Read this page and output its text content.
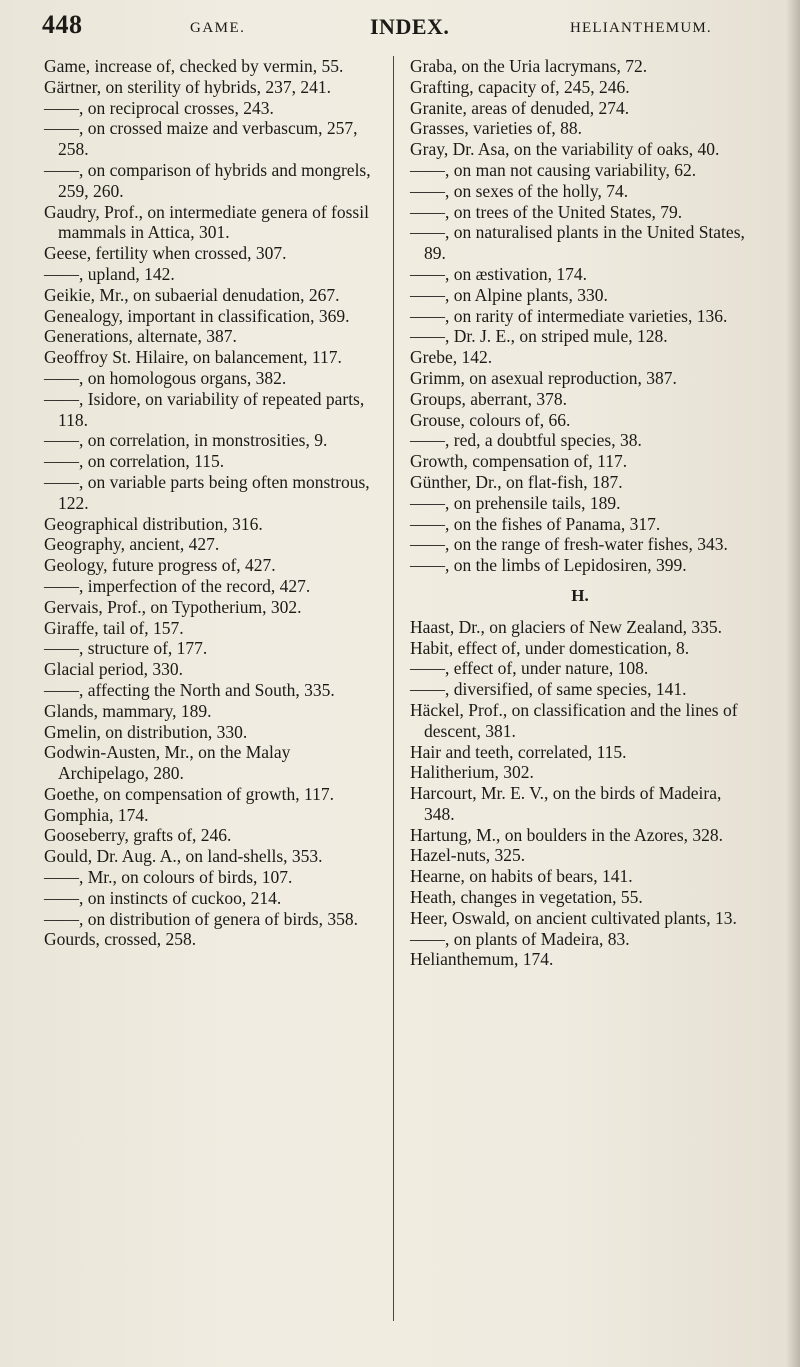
448	GAME.	INDEX.	HELIANTHEMUM.

Game, increase of, checked by vermin, 55.

Gärtner, on sterility of hybrids, 237, 241.

——, on reciprocal crosses, 243.

——, on crossed maize and verbascum, 257, 258.

——, on comparison of hybrids and mongrels, 259, 260.

Gaudry, Prof., on intermediate genera of fossil mammals in Attica, 301.

Geese, fertility when crossed, 307.

——, upland, 142.

Geikie, Mr., on subaerial denudation, 267.

Genealogy, important in classification, 369.

Generations, alternate, 387.

Geoffroy St. Hilaire, on balancement, 117.

——, on homologous organs, 382.

——, Isidore, on variability of repeated parts, 118.

——, on correlation, in monstrosities, 9.

——, on correlation, 115.

——, on variable parts being often monstrous, 122.

Geographical distribution, 316.

Geography, ancient, 427.

Geology, future progress of, 427.

——, imperfection of the record, 427.

Gervais, Prof., on Typotherium, 302.

Giraffe, tail of, 157.

——, structure of, 177.

Glacial period, 330.

——, affecting the North and South, 335.

Glands, mammary, 189.

Gmelin, on distribution, 330.

Godwin-Austen, Mr., on the Malay Archipelago, 280.

Goethe, on compensation of growth, 117.

Gomphia, 174.

Gooseberry, grafts of, 246.

Gould, Dr. Aug. A., on land-shells, 353.

——, Mr., on colours of birds, 107.

——, on instincts of cuckoo, 214.

——, on distribution of genera of birds, 358.

Gourds, crossed, 258.

Graba, on the Uria lacrymans, 72.

Grafting, capacity of, 245, 246.

Granite, areas of denuded, 274.

Grasses, varieties of, 88.

Gray, Dr. Asa, on the variability of oaks, 40.

——, on man not causing variability, 62.

——, on sexes of the holly, 74.

——, on trees of the United States, 79.

——, on naturalised plants in the United States, 89.

——, on æstivation, 174.

——, on Alpine plants, 330.

——, on rarity of intermediate varieties, 136.

——, Dr. J. E., on striped mule, 128.

Grebe, 142.

Grimm, on asexual reproduction, 387.

Groups, aberrant, 378.

Grouse, colours of, 66.

——, red, a doubtful species, 38.

Growth, compensation of, 117.

Günther, Dr., on flat-fish, 187.

——, on prehensile tails, 189.

——, on the fishes of Panama, 317.

——, on the range of fresh-water fishes, 343.

——, on the limbs of Lepidosiren, 399.

H.

Haast, Dr., on glaciers of New Zealand, 335.

Habit, effect of, under domestication, 8.

——, effect of, under nature, 108.

——, diversified, of same species, 141.

Häckel, Prof., on classification and the lines of descent, 381.

Hair and teeth, correlated, 115.

Halitherium, 302.

Harcourt, Mr. E. V., on the birds of Madeira, 348.

Hartung, M., on boulders in the Azores, 328.

Hazel-nuts, 325.

Hearne, on habits of bears, 141.

Heath, changes in vegetation, 55.

Heer, Oswald, on ancient cultivated plants, 13.

——, on plants of Madeira, 83.

Helianthemum, 174.
